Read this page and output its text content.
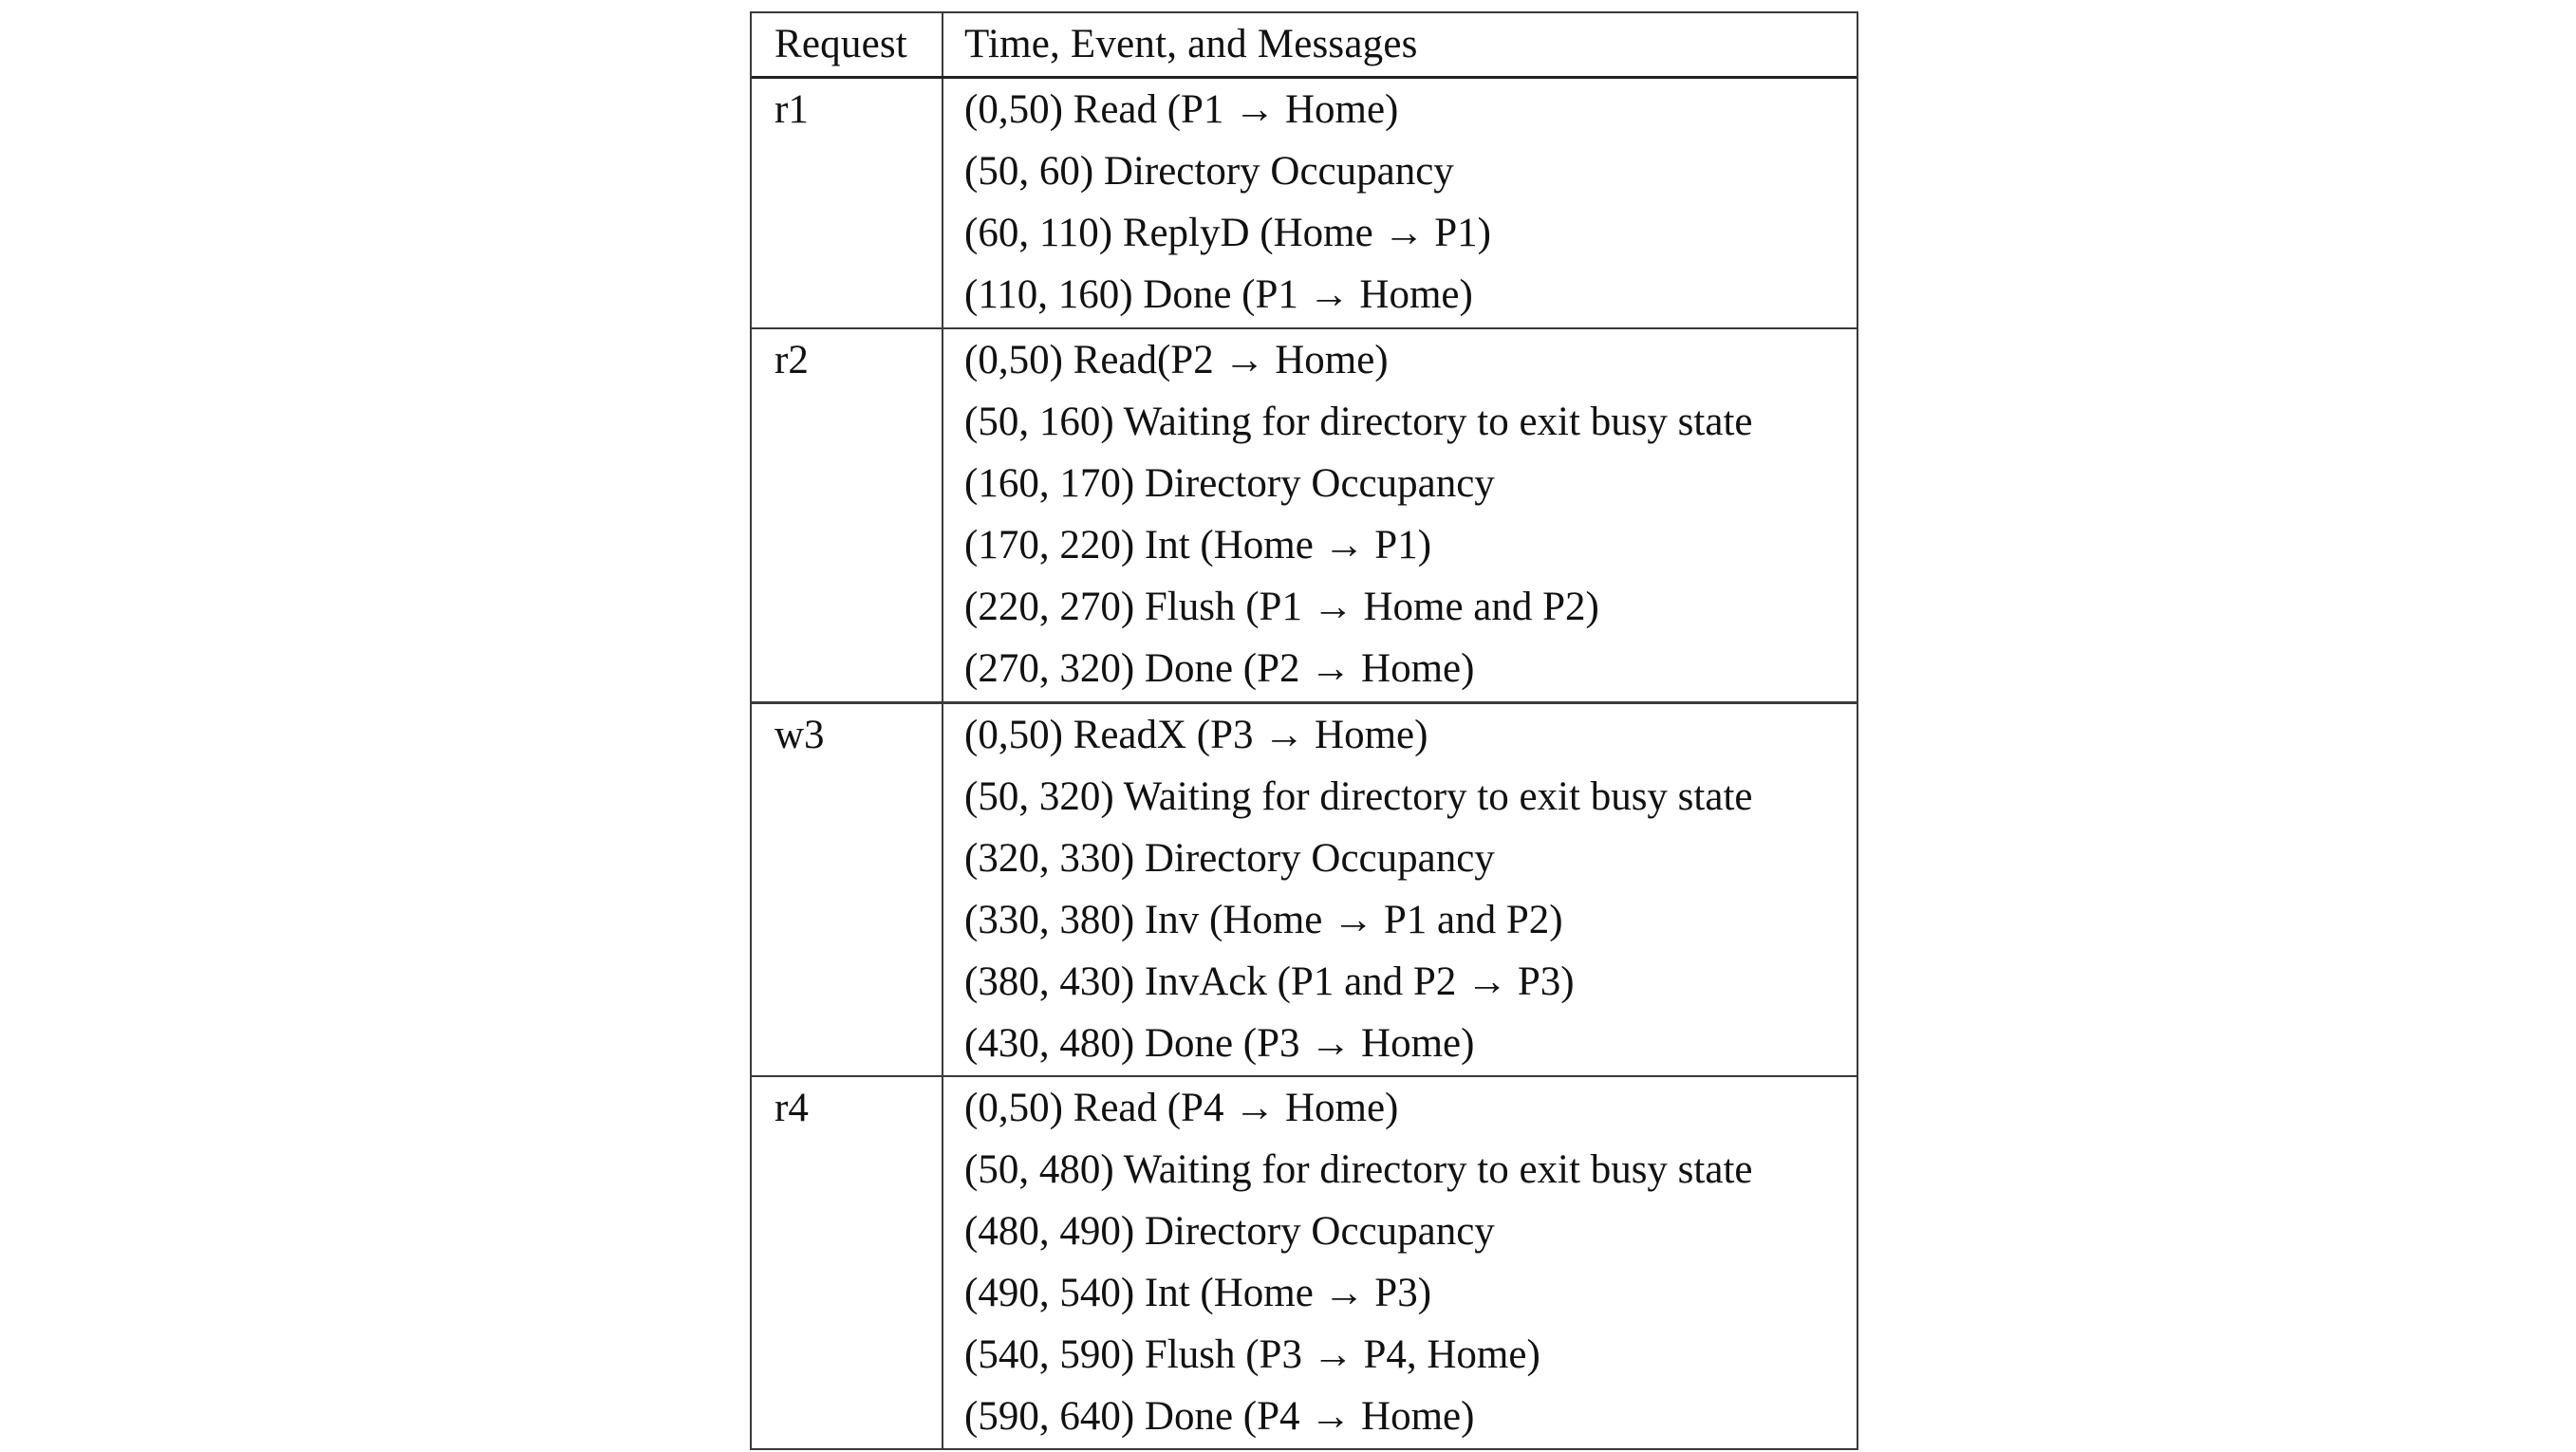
Request Time, Event, and Messages
r1	(0,50) Read (P1 → Home)
(50, 60) Directory Occupancy
(60, 110) ReplyD (Home → P1)
(110, 160) Done (P1 → Home)
r2	(0,50) Read(P2 → Home)
(50, 160) Waiting for directory to exit busy state
(160, 170) Directory Occupancy
(170, 220) Int (Home → P1)
(220, 270) Flush (P1 → Home and P2)
(270, 320) Done (P2 → Home)
w3	(0,50) ReadX (P3 → Home)
(50, 320) Waiting for directory to exit busy state
(320, 330) Directory Occupancy
(330, 380) Inv (Home → P1 and P2)
(380, 430) InvAck (P1 and P2 → P3)
(430, 480) Done (P3 → Home)
r4	(0,50) Read (P4 → Home)
(50, 480) Waiting for directory to exit busy state
(480, 490) Directory Occupancy
(490, 540) Int (Home → P3)
(540, 590) Flush (P3 → P4, Home)
(590, 640) Done (P4 → Home)
